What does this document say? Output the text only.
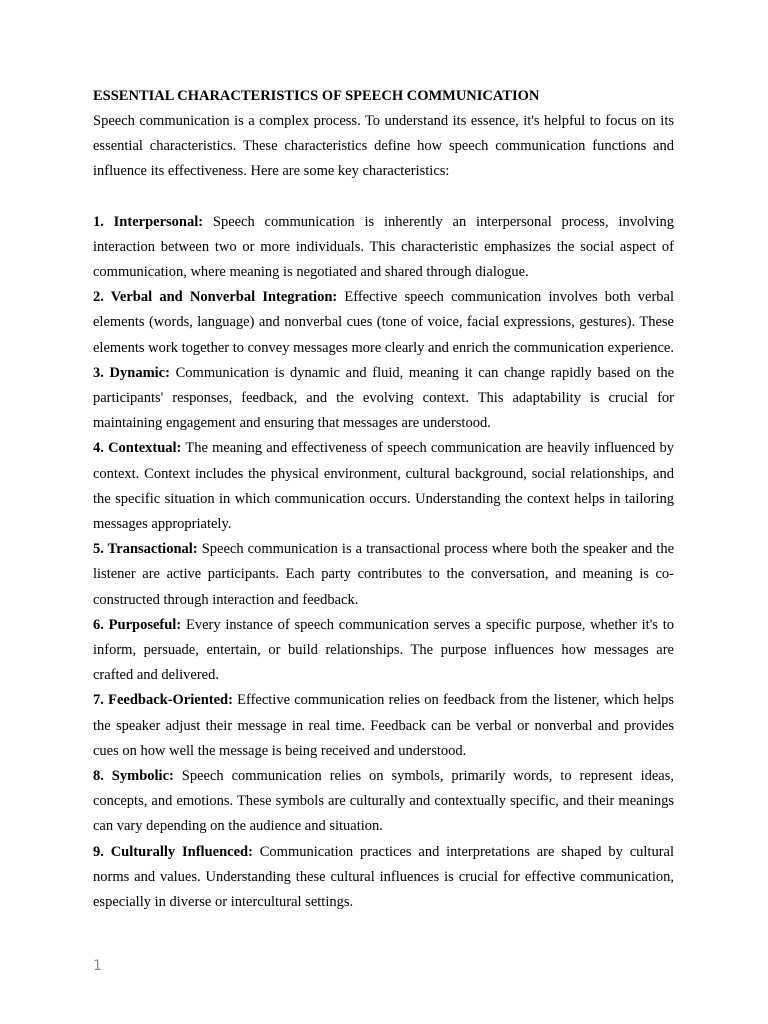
ESSENTIAL CHARACTERISTICS OF SPEECH COMMUNICATION

Speech communication is a complex process. To understand its essence, it's helpful to focus on its essential characteristics. These characteristics define how speech communication functions and influence its effectiveness. Here are some key characteristics:

1. Interpersonal: Speech communication is inherently an interpersonal process, involving interaction between two or more individuals. This characteristic emphasizes the social aspect of communication, where meaning is negotiated and shared through dialogue.

2. Verbal and Nonverbal Integration: Effective speech communication involves both verbal elements (words, language) and nonverbal cues (tone of voice, facial expressions, gestures). These elements work together to convey messages more clearly and enrich the communication experience.

3. Dynamic: Communication is dynamic and fluid, meaning it can change rapidly based on the participants' responses, feedback, and the evolving context. This adaptability is crucial for maintaining engagement and ensuring that messages are understood.

4. Contextual: The meaning and effectiveness of speech communication are heavily influenced by context. Context includes the physical environment, cultural background, social relationships, and the specific situation in which communication occurs. Understanding the context helps in tailoring messages appropriately.

5. Transactional: Speech communication is a transactional process where both the speaker and the listener are active participants. Each party contributes to the conversation, and meaning is co-constructed through interaction and feedback.

6. Purposeful: Every instance of speech communication serves a specific purpose, whether it's to inform, persuade, entertain, or build relationships. The purpose influences how messages are crafted and delivered.

7. Feedback-Oriented: Effective communication relies on feedback from the listener, which helps the speaker adjust their message in real time. Feedback can be verbal or nonverbal and provides cues on how well the message is being received and understood.

8. Symbolic: Speech communication relies on symbols, primarily words, to represent ideas, concepts, and emotions. These symbols are culturally and contextually specific, and their meanings can vary depending on the audience and situation.

9. Culturally Influenced: Communication practices and interpretations are shaped by cultural norms and values. Understanding these cultural influences is crucial for effective communication, especially in diverse or intercultural settings.

1
